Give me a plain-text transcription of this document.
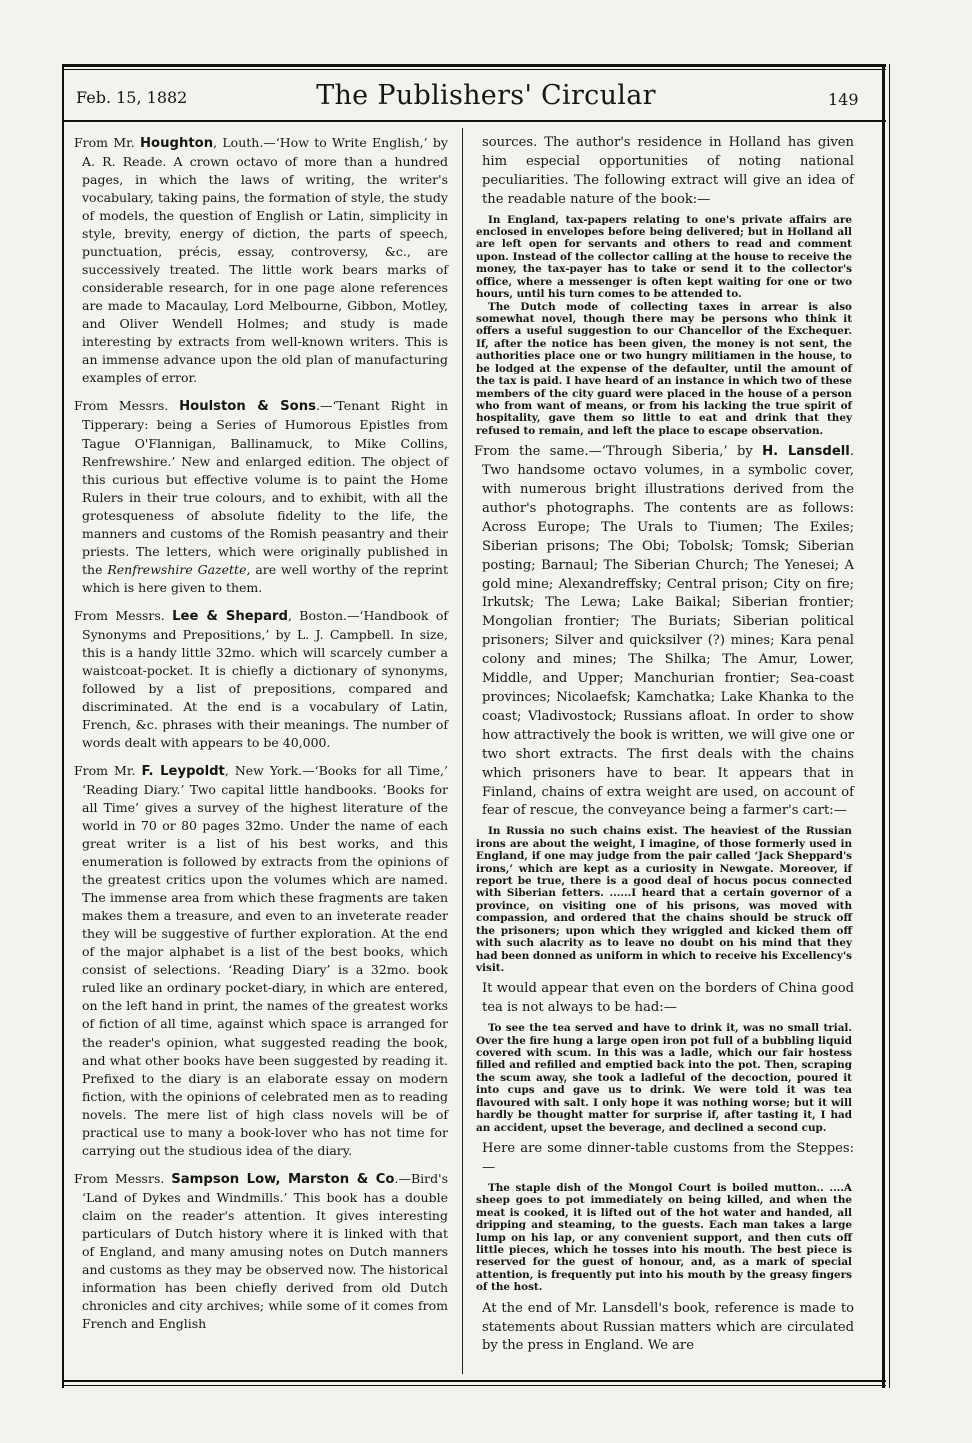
Feb. 15, 1882	The Publishers' Circular	149

From Mr. Houghton, Louth.—‘How to Write English,’ by A. R. Reade. A crown octavo of more than a hundred pages, in which the laws of writing, the writer's vocabulary, taking pains, the formation of style, the study of models, the question of English or Latin, simplicity in style, brevity, energy of diction, the parts of speech, punctuation, précis, essay, controversy, &c., are successively treated. The little work bears marks of considerable research, for in one page alone references are made to Macaulay, Lord Melbourne, Gibbon, Motley, and Oliver Wendell Holmes; and study is made interesting by extracts from well-known writers. This is an immense advance upon the old plan of manufacturing examples of error.

From Messrs. Houlston & Sons.—‘Tenant Right in Tipperary: being a Series of Humorous Epistles from Tague O'Flannigan, Ballinamuck, to Mike Collins, Renfrewshire.’ New and enlarged edition. The object of this curious but effective volume is to paint the Home Rulers in their true colours, and to exhibit, with all the grotesqueness of absolute fidelity to the life, the manners and customs of the Romish peasantry and their priests. The letters, which were originally published in the Renfrewshire Gazette, are well worthy of the reprint which is here given to them.

From Messrs. Lee & Shepard, Boston.—‘Handbook of Synonyms and Prepositions,’ by L. J. Campbell. In size, this is a handy little 32mo. which will scarcely cumber a waistcoat-pocket. It is chiefly a dictionary of synonyms, followed by a list of prepositions, compared and discriminated. At the end is a vocabulary of Latin, French, &c. phrases with their meanings. The number of words dealt with appears to be 40,000.

From Mr. F. Leypoldt, New York.—‘Books for all Time,’ ‘Reading Diary.’ Two capital little handbooks. ‘Books for all Time’ gives a survey of the highest literature of the world in 70 or 80 pages 32mo. Under the name of each great writer is a list of his best works, and this enumeration is followed by extracts from the opinions of the greatest critics upon the volumes which are named. The immense area from which these fragments are taken makes them a treasure, and even to an inveterate reader they will be suggestive of further exploration. At the end of the major alphabet is a list of the best books, which consist of selections. ‘Reading Diary’ is a 32mo. book ruled like an ordinary pocket-diary, in which are entered, on the left hand in print, the names of the greatest works of fiction of all time, against which space is arranged for the reader's opinion, what suggested reading the book, and what other books have been suggested by reading it. Prefixed to the diary is an elaborate essay on modern fiction, with the opinions of celebrated men as to reading novels. The mere list of high class novels will be of practical use to many a book-lover who has not time for carrying out the studious idea of the diary.

From Messrs. Sampson Low, Marston & Co.—Bird's ‘Land of Dykes and Windmills.’ This book has a double claim on the reader's attention. It gives interesting particulars of Dutch history where it is linked with that of England, and many amusing notes on Dutch manners and customs as they may be observed now. The historical information has been chiefly derived from old Dutch chronicles and city archives; while some of it comes from French and English

sources. The author's residence in Holland has given him especial opportunities of noting national peculiarities. The following extract will give an idea of the readable nature of the book:—

In England, tax-papers relating to one's private affairs are enclosed in envelopes before being delivered; but in Holland all are left open for servants and others to read and comment upon. Instead of the collector calling at the house to receive the money, the tax-payer has to take or send it to the collector's office, where a messenger is often kept waiting for one or two hours, until his turn comes to be attended to.

The Dutch mode of collecting taxes in arrear is also somewhat novel, though there may be persons who think it offers a useful suggestion to our Chancellor of the Exchequer. If, after the notice has been given, the money is not sent, the authorities place one or two hungry militiamen in the house, to be lodged at the expense of the defaulter, until the amount of the tax is paid. I have heard of an instance in which two of these members of the city guard were placed in the house of a person who from want of means, or from his lacking the true spirit of hospitality, gave them so little to eat and drink that they refused to remain, and left the place to escape observation.

From the same.—‘Through Siberia,’ by H. Lansdell. Two handsome octavo volumes, in a symbolic cover, with numerous bright illustrations derived from the author's photographs. The contents are as follows: Across Europe; The Urals to Tiumen; The Exiles; Siberian prisons; The Obi; Tobolsk; Tomsk; Siberian posting; Barnaul; The Siberian Church; The Yenesei; A gold mine; Alexandreffsky; Central prison; City on fire; Irkutsk; The Lewa; Lake Baikal; Siberian frontier; Mongolian frontier; The Buriats; Siberian political prisoners; Silver and quicksilver (?) mines; Kara penal colony and mines; The Shilka; The Amur, Lower, Middle, and Upper; Manchurian frontier; Sea-coast provinces; Nicolaefsk; Kamchatka; Lake Khanka to the coast; Vladivostock; Russians afloat. In order to show how attractively the book is written, we will give one or two short extracts. The first deals with the chains which prisoners have to bear. It appears that in Finland, chains of extra weight are used, on account of fear of rescue, the conveyance being a farmer's cart:—

In Russia no such chains exist. The heaviest of the Russian irons are about the weight, I imagine, of those formerly used in England, if one may judge from the pair called ‘Jack Sheppard's irons,’ which are kept as a curiosity in Newgate. Moreover, if report be true, there is a good deal of hocus pocus connected with Siberian fetters. ......I heard that a certain governor of a province, on visiting one of his prisons, was moved with compassion, and ordered that the chains should be struck off the prisoners; upon which they wriggled and kicked them off with such alacrity as to leave no doubt on his mind that they had been donned as uniform in which to receive his Excellency's visit.

It would appear that even on the borders of China good tea is not always to be had:—

To see the tea served and have to drink it, was no small trial. Over the fire hung a large open iron pot full of a bubbling liquid covered with scum. In this was a ladle, which our fair hostess filled and refilled and emptied back into the pot. Then, scraping the scum away, she took a ladleful of the decoction, poured it into cups and gave us to drink. We were told it was tea flavoured with salt. I only hope it was nothing worse; but it will hardly be thought matter for surprise if, after tasting it, I had an accident, upset the beverage, and declined a second cup.

Here are some dinner-table customs from the Steppes:—

The staple dish of the Mongol Court is boiled mutton.. ....A sheep goes to pot immediately on being killed, and when the meat is cooked, it is lifted out of the hot water and handed, all dripping and steaming, to the guests. Each man takes a large lump on his lap, or any convenient support, and then cuts off little pieces, which he tosses into his mouth. The best piece is reserved for the guest of honour, and, as a mark of special attention, is frequently put into his mouth by the greasy fingers of the host.

At the end of Mr. Lansdell's book, reference is made to statements about Russian matters which are circulated by the press in England. We are
